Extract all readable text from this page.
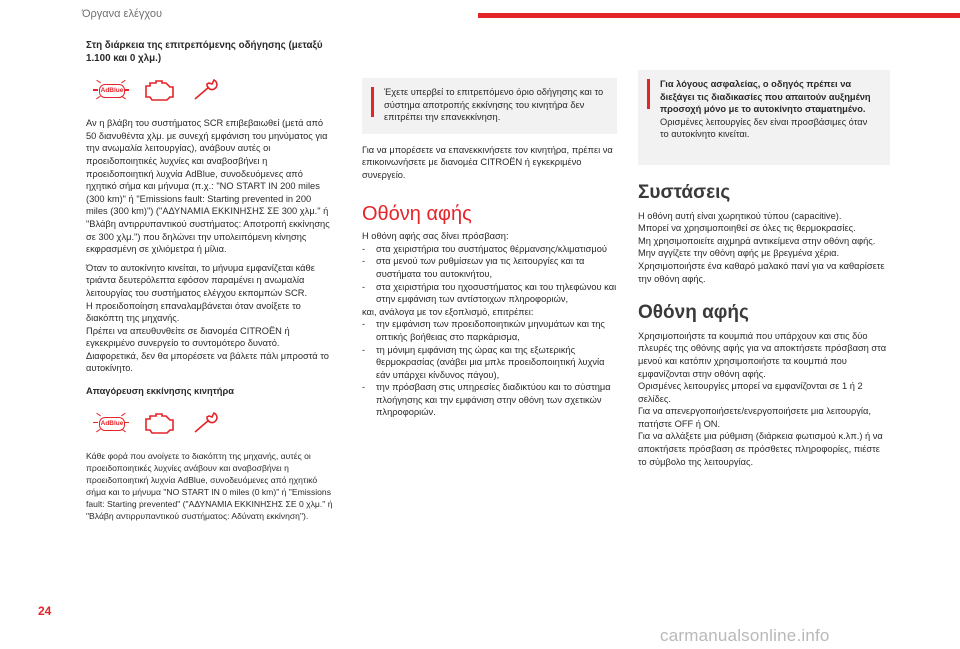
Όργανα ελέγχου

Στη διάρκεια της επιτρεπόμενης οδήγησης (μεταξύ 1.100 και 0 χλμ.)

AdBlue

Αν η βλάβη του συστήματος SCR επιβεβαιωθεί (μετά από 50 διανυθέντα χλμ. με συνεχή εμφάνιση του μηνύματος για την ανωμαλία λειτουργίας), ανάβουν αυτές οι προειδοποιητικές λυχνίες και αναβοσβήνει η προειδοποιητική λυχνία AdBlue, συνοδευόμενες από ηχητικό σήμα και μήνυμα (π.χ.: "NO START IN 200 miles (300 km)" ή "Emissions fault: Starting prevented in 200 miles (300 km)") ("ΑΔΥΝΑΜΙΑ ΕΚΚΙΝΗΣΗΣ ΣΕ 300 χλμ." ή "Βλάβη αντιρρυπαντικού συστήματος: Αποτροπή εκκίνησης σε 300 χλμ.") που δηλώνει την υπολειπόμενη κίνησης εκφρασμένη σε χιλιόμετρα ή μίλια.

Όταν το αυτοκίνητο κινείται, το μήνυμα εμφανίζεται κάθε τριάντα δευτερόλεπτα εφόσον παραμένει η ανωμαλία λειτουργίας του συστήματος ελέγχου εκπομπών SCR.

Η προειδοποίηση επαναλαμβάνεται όταν ανοίξετε το διακόπτη της μηχανής.

Πρέπει να απευθυνθείτε σε διανομέα CITROËN ή εγκεκριμένο συνεργείο το συντομότερο δυνατό.

Διαφορετικά, δεν θα μπορέσετε να βάλετε πάλι μπροστά το αυτοκίνητο.

Απαγόρευση εκκίνησης κινητήρα

AdBlue

Κάθε φορά που ανοίγετε το διακόπτη της μηχανής, αυτές οι προειδοποιητικές λυχνίες ανάβουν και αναβοσβήνει η προειδοποιητική λυχνία AdBlue, συνοδευόμενες από ηχητικό σήμα και το μήνυμα "NO START IN 0 miles (0 km)" ή "Emissions fault: Starting prevented" ("ΑΔΥΝΑΜΙΑ ΕΚΚΙΝΗΣΗΣ ΣΕ 0 χλμ." ή "Βλάβη αντιρρυπαντικού συστήματος: Αδύνατη εκκίνηση").

Έχετε υπερβεί το επιτρεπόμενο όριο οδήγησης και το σύστημα αποτροπής εκκίνησης του κινητήρα δεν επιτρέπει την επανεκκίνηση.

Για να μπορέσετε να επανεκκινήσετε τον κινητήρα, πρέπει να επικοινωνήσετε με διανομέα CITROËN ή εγκεκριμένο συνεργείο.

Οθόνη αφής

Η οθόνη αφής σας δίνει πρόσβαση:

- στα χειριστήρια του συστήματος θέρμανσης/κλιματισμού
- στα μενού των ρυθμίσεων για τις λειτουργίες και τα συστήματα του αυτοκινήτου,
- στα χειριστήρια του ηχοσυστήματος και του τηλεφώνου και στην εμφάνιση των αντίστοιχων πληροφοριών,

και, ανάλογα με τον εξοπλισμό, επιτρέπει:

- την εμφάνιση των προειδοποιητικών μηνυμάτων και της οπτικής βοήθειας στο παρκάρισμα,
- τη μόνιμη εμφάνιση της ώρας και της εξωτερικής θερμοκρασίας (ανάβει μια μπλε προειδοποιητική λυχνία εάν υπάρχει κίνδυνος πάγου),
- την πρόσβαση στις υπηρεσίες διαδικτύου και το σύστημα πλοήγησης και την εμφάνιση στην οθόνη των σχετικών πληροφοριών.
Για λόγους ασφαλείας, ο οδηγός πρέπει να διεξάγει τις διαδικασίες που απαιτούν αυξημένη προσοχή μόνο με το αυτοκίνητο σταματημένο.
Ορισμένες λειτουργίες δεν είναι προσβάσιμες όταν το αυτοκίνητο κινείται.
Συστάσεις

Η οθόνη αυτή είναι χωρητικού τύπου (capacitive).

Μπορεί να χρησιμοποιηθεί σε όλες τις θερμοκρασίες.

Μη χρησιμοποιείτε αιχμηρά αντικείμενα στην οθόνη αφής.

Μην αγγίζετε την οθόνη αφής με βρεγμένα χέρια.

Χρησιμοποιήστε ένα καθαρό μαλακό πανί για να καθαρίσετε την οθόνη αφής.

Οθόνη αφής

Χρησιμοποιήστε τα κουμπιά που υπάρχουν και στις δύο πλευρές της οθόνης αφής για να αποκτήσετε πρόσβαση στα μενού και κατόπιν χρησιμοποιήστε τα κουμπιά που εμφανίζονται στην οθόνη αφής.

Ορισμένες λειτουργίες μπορεί να εμφανίζονται σε 1 ή 2 σελίδες.

Για να απενεργοποιήσετε/ενεργοποιήσετε μια λειτουργία, πατήστε OFF ή ON.

Για να αλλάξετε μια ρύθμιση (διάρκεια φωτισμού κ.λπ.) ή να αποκτήσετε πρόσβαση σε πρόσθετες πληροφορίες, πιέστε το σύμβολο της λειτουργίας.

24
carmanualsonline.info
